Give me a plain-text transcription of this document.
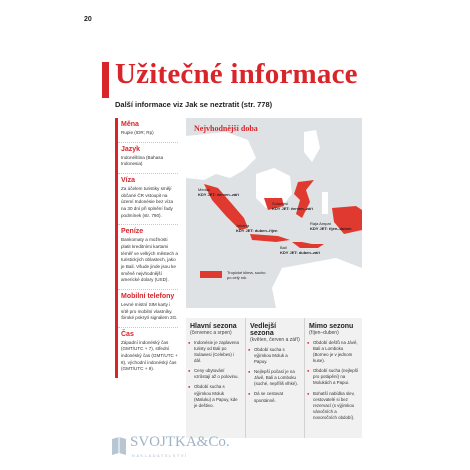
20
Užitečné informace
Další informace viz Jak se neztratit (str. 778)
Měna
Rupie (IDR; Rp)
Jazyk
Indonéština (Bahasa Indonesia)
Víza
Za účelem turistiky smějí občané ČR vstoupit na území Indonésie bez víza na 30 dní při splnění řady podmínek (str. 790).
Peníze
Bankomaty a možnosti platit kreditními kartami téměř ve velkých městech a turistických oblastech, jako je Bali. Všude jinde jsou ke směně nejvhodnější americké dolary (USD).
Mobilní telefony
Levné místní SIM karty i sítě pro mobilní vlastníky. Široké pokrytí signálem 3G.
Čas
Západní indonéský čas (GMT/UTC + 7), střední indonéský čas (GMT/UTC + 8), východní indonéský čas (GMT/UTC + 9).
Nejvhodnější doba
Medan
KDY JET: červen–září
Jakarta
KDY JET: duben–říjen
Sulawesi
KDY JET: červen–září
Bali
KDY JET: duben–září
Raja Ampat
KDY JET: říjen–duben
Tropické klima, sucho po celý rok
Hlavní sezona
(červenec a srpen)
● Indonésie je zaplavena turisty od Bali po Sulawesi (Celebes) i dál.
● Ceny ubytování vzrůstají až o polovinu.
● Období sucha s výjimkou Moluk (Maluku) a Papuy, kde je deštivo.
Vedlejší sezona
(květen, červen a září)
● Období sucha s výjimkou Moluk a Papuy.
● Nejlepší počasí je na Jávě, Bali a Lomboku (suché, nepříliš vlhké).
● Dá se cestovat spontánně.
Mimo sezonu
(říjen–duben)
● Období dešťů na Jávě, Bali a Lomboku (Borneo je v jednom kuse).
● Období sucha (nejlepší pro potápění) na Molukách a Papui.
● Bohatší nabídka slev, cestovatelé si bez rezervací (s výjimkou vánočních a novoročních období).
SVOJTKA&Co.
NAKLADATELSTVÍ
